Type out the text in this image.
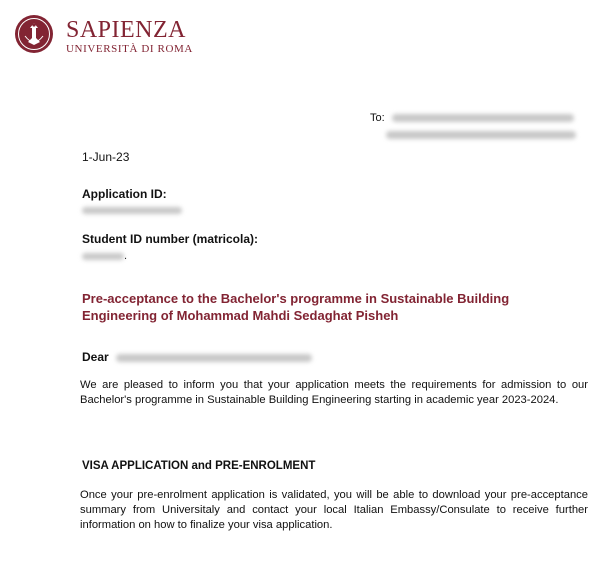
SAPIENZA
UNIVERSITÀ DI ROMA
To:
1-Jun-23
Application ID:
Student ID number (matricola):
.
Pre-acceptance to the Bachelor's programme in Sustainable Building Engineering of Mohammad Mahdi Sedaghat Pisheh
Dear
We are pleased to inform you that your application meets the requirements for admission to our Bachelor's programme in Sustainable Building Engineering starting in academic year 2023-2024.
VISA APPLICATION and PRE-ENROLMENT
Once your pre-enrolment application is validated, you will be able to download your pre-acceptance summary from Universitaly and contact your local Italian Embassy/Consulate to receive further information on how to finalize your visa application.
